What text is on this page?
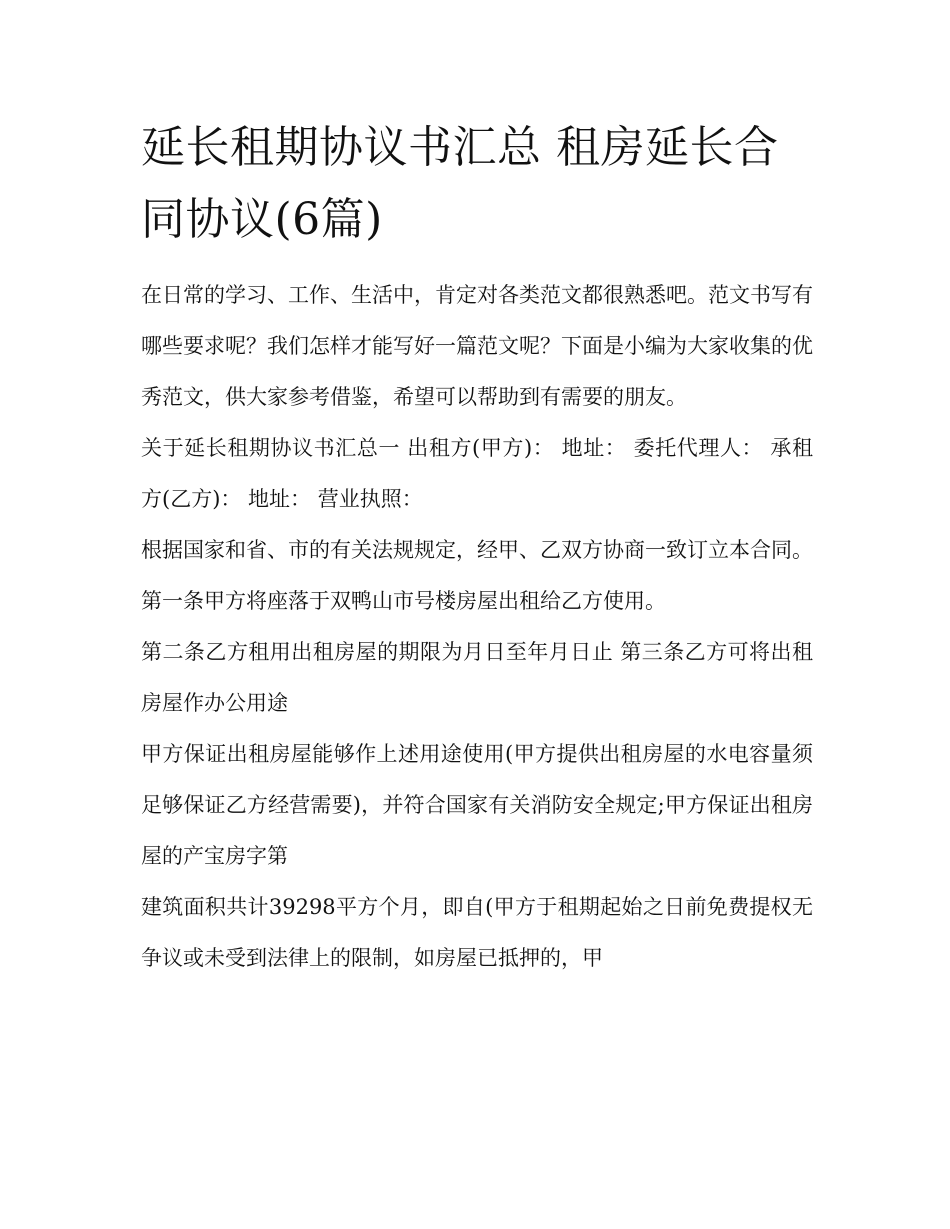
延长租期协议书汇总 租房延长合同协议(6篇)

在日常的学习、工作、生活中，肯定对各类范文都很熟悉吧。范文书写有哪些要求呢？我们怎样才能写好一篇范文呢？下面是小编为大家收集的优秀范文，供大家参考借鉴，希望可以帮助到有需要的朋友。

关于延长租期协议书汇总一 出租方(甲方)： 地址： 委托代理人： 承租方(乙方)： 地址： 营业执照：

根据国家和省、市的有关法规规定，经甲、乙双方协商一致订立本合同。 第一条甲方将座落于双鸭山市号楼房屋出租给乙方使用。

第二条乙方租用出租房屋的期限为月日至年月日止 第三条乙方可将出租房屋作办公用途

甲方保证出租房屋能够作上述用途使用(甲方提供出租房屋的水电容量须足够保证乙方经营需要)，并符合国家有关消防安全规定;甲方保证出租房屋的产宝房字第

建筑面积共计39298平方个月，即自(甲方于租期起始之日前免费提权无争议或未受到法律上的限制，如房屋已抵押的，甲
